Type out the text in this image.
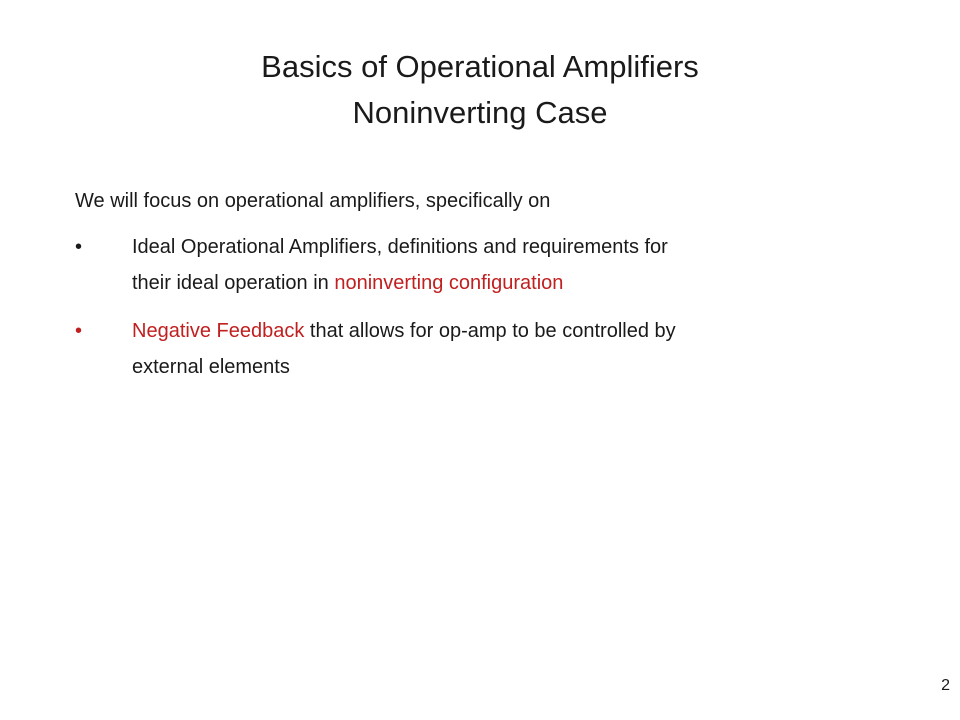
Basics of Operational Amplifiers
Noninverting Case
We will focus on operational amplifiers, specifically on
•	Ideal Operational Amplifiers, definitions and requirements for
their ideal operation in noninverting configuration
•	Negative Feedback that allows for op-amp to be controlled by
external elements
2
